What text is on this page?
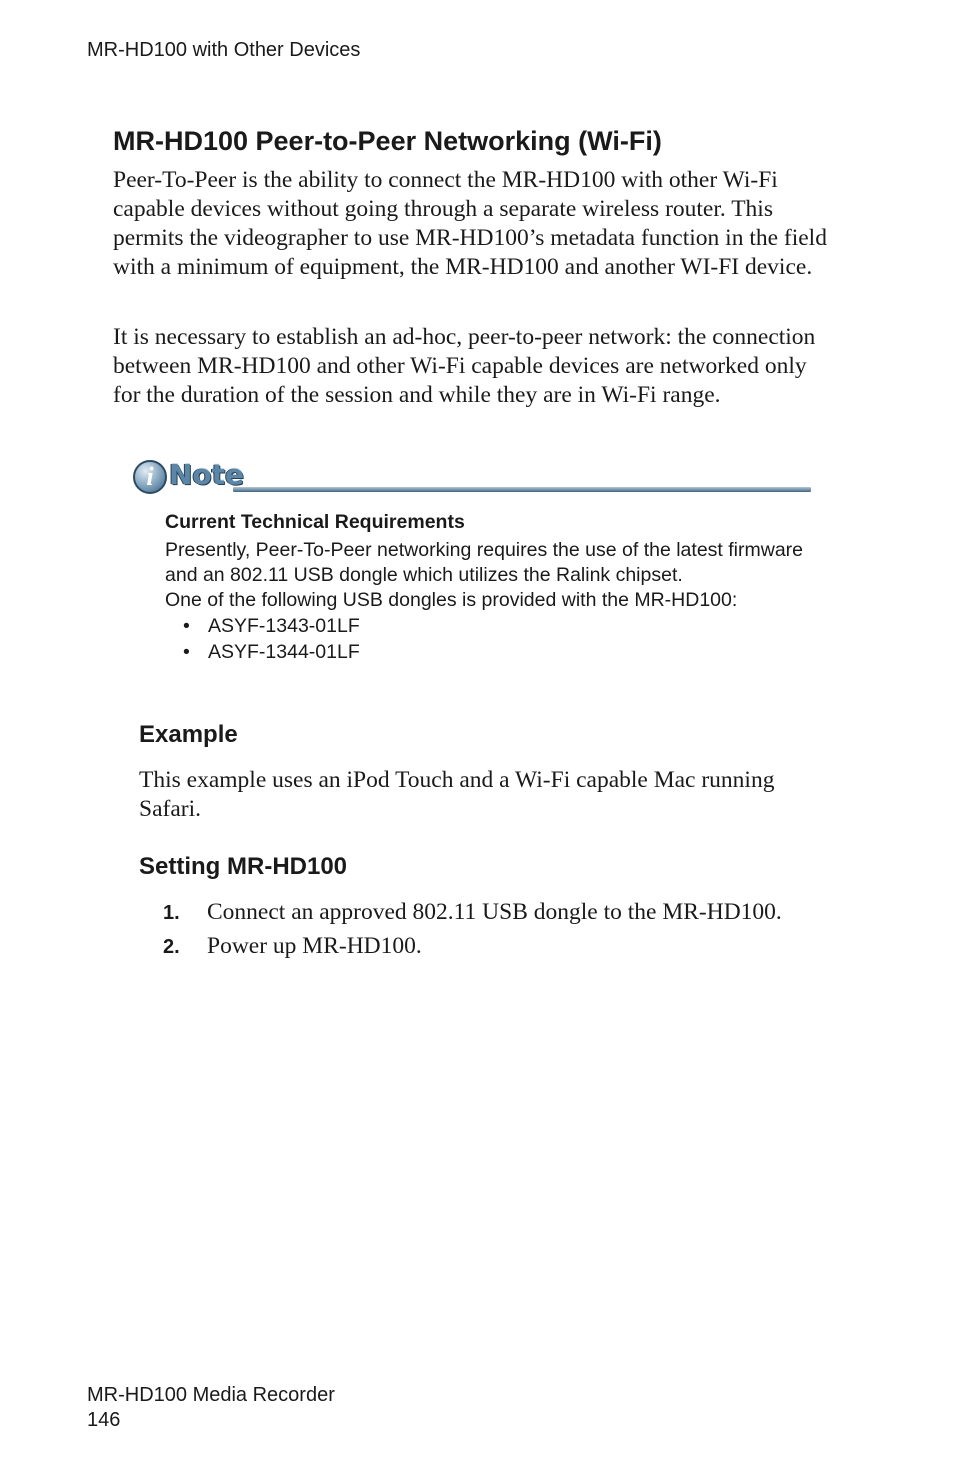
MR-HD100 with Other Devices
MR-HD100 Peer-to-Peer Networking (Wi-Fi)

Peer-To-Peer is the ability to connect the MR-HD100 with other Wi-Fi capable devices without going through a separate wireless router. This permits the videographer to use MR-HD100’s metadata function in the field with a minimum of equipment, the MR-HD100 and another WI-FI device.

It is necessary to establish an ad-hoc, peer-to-peer network: the connection between MR-HD100 and other Wi-Fi capable devices are networked only for the duration of the session and while they are in Wi-Fi range.

i Note

Current Technical Requirements

Presently, Peer-To-Peer networking requires the use of the latest firmware and an 802.11 USB dongle which utilizes the Ralink chipset.

One of the following USB dongles is provided with the MR-HD100:

• ASYF-1343-01LF
• ASYF-1344-01LF
Example

This example uses an iPod Touch and a Wi-Fi capable Mac running Safari.

Setting MR-HD100
1. Connect an approved 802.11 USB dongle to the MR-HD100.
2. Power up MR-HD100.
MR-HD100 Media Recorder
146
